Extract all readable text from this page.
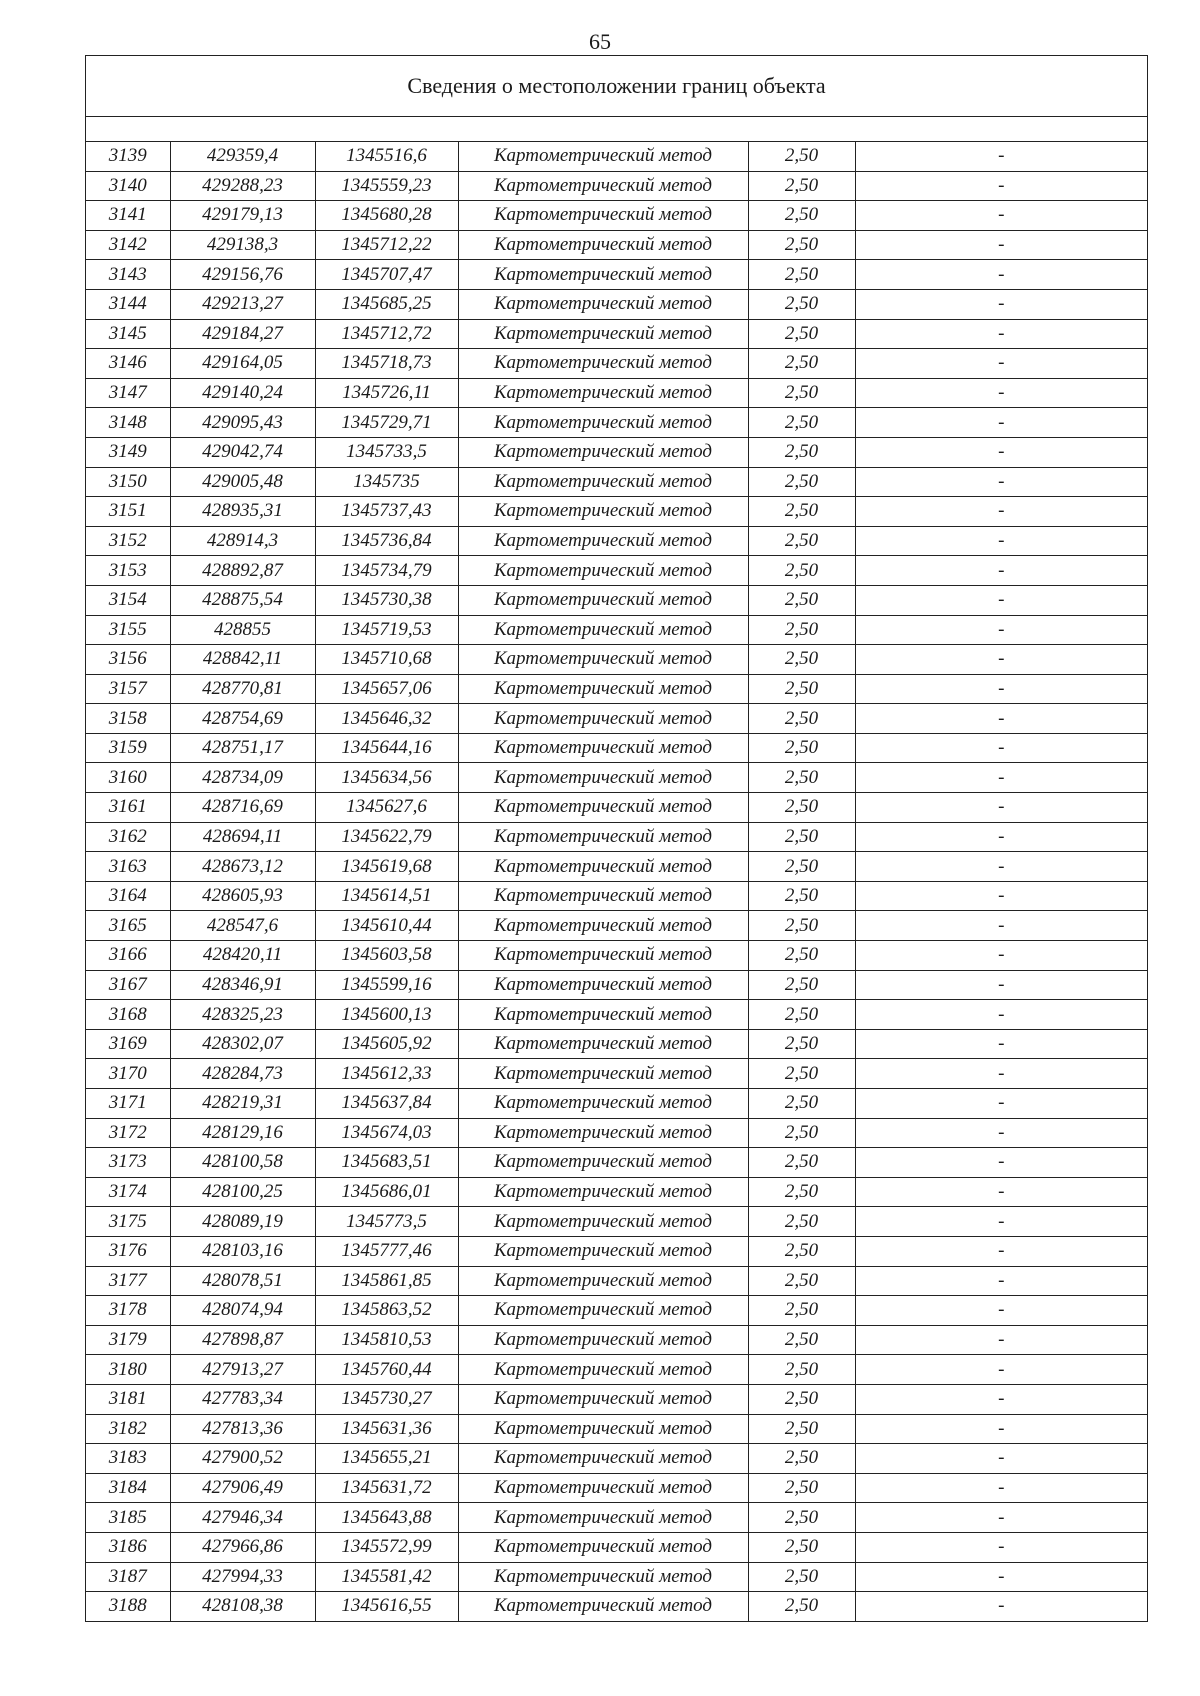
65
Сведения о местоположении границ объекта
3139	429359,4	1345516,6	Картометрический метод	2,50	-
3140	429288,23	1345559,23	Картометрический метод	2,50	-
3141	429179,13	1345680,28	Картометрический метод	2,50	-
3142	429138,3	1345712,22	Картометрический метод	2,50	-
3143	429156,76	1345707,47	Картометрический метод	2,50	-
3144	429213,27	1345685,25	Картометрический метод	2,50	-
3145	429184,27	1345712,72	Картометрический метод	2,50	-
3146	429164,05	1345718,73	Картометрический метод	2,50	-
3147	429140,24	1345726,11	Картометрический метод	2,50	-
3148	429095,43	1345729,71	Картометрический метод	2,50	-
3149	429042,74	1345733,5	Картометрический метод	2,50	-
3150	429005,48	1345735	Картометрический метод	2,50	-
3151	428935,31	1345737,43	Картометрический метод	2,50	-
3152	428914,3	1345736,84	Картометрический метод	2,50	-
3153	428892,87	1345734,79	Картометрический метод	2,50	-
3154	428875,54	1345730,38	Картометрический метод	2,50	-
3155	428855	1345719,53	Картометрический метод	2,50	-
3156	428842,11	1345710,68	Картометрический метод	2,50	-
3157	428770,81	1345657,06	Картометрический метод	2,50	-
3158	428754,69	1345646,32	Картометрический метод	2,50	-
3159	428751,17	1345644,16	Картометрический метод	2,50	-
3160	428734,09	1345634,56	Картометрический метод	2,50	-
3161	428716,69	1345627,6	Картометрический метод	2,50	-
3162	428694,11	1345622,79	Картометрический метод	2,50	-
3163	428673,12	1345619,68	Картометрический метод	2,50	-
3164	428605,93	1345614,51	Картометрический метод	2,50	-
3165	428547,6	1345610,44	Картометрический метод	2,50	-
3166	428420,11	1345603,58	Картометрический метод	2,50	-
3167	428346,91	1345599,16	Картометрический метод	2,50	-
3168	428325,23	1345600,13	Картометрический метод	2,50	-
3169	428302,07	1345605,92	Картометрический метод	2,50	-
3170	428284,73	1345612,33	Картометрический метод	2,50	-
3171	428219,31	1345637,84	Картометрический метод	2,50	-
3172	428129,16	1345674,03	Картометрический метод	2,50	-
3173	428100,58	1345683,51	Картометрический метод	2,50	-
3174	428100,25	1345686,01	Картометрический метод	2,50	-
3175	428089,19	1345773,5	Картометрический метод	2,50	-
3176	428103,16	1345777,46	Картометрический метод	2,50	-
3177	428078,51	1345861,85	Картометрический метод	2,50	-
3178	428074,94	1345863,52	Картометрический метод	2,50	-
3179	427898,87	1345810,53	Картометрический метод	2,50	-
3180	427913,27	1345760,44	Картометрический метод	2,50	-
3181	427783,34	1345730,27	Картометрический метод	2,50	-
3182	427813,36	1345631,36	Картометрический метод	2,50	-
3183	427900,52	1345655,21	Картометрический метод	2,50	-
3184	427906,49	1345631,72	Картометрический метод	2,50	-
3185	427946,34	1345643,88	Картометрический метод	2,50	-
3186	427966,86	1345572,99	Картометрический метод	2,50	-
3187	427994,33	1345581,42	Картометрический метод	2,50	-
3188	428108,38	1345616,55	Картометрический метод	2,50	-
